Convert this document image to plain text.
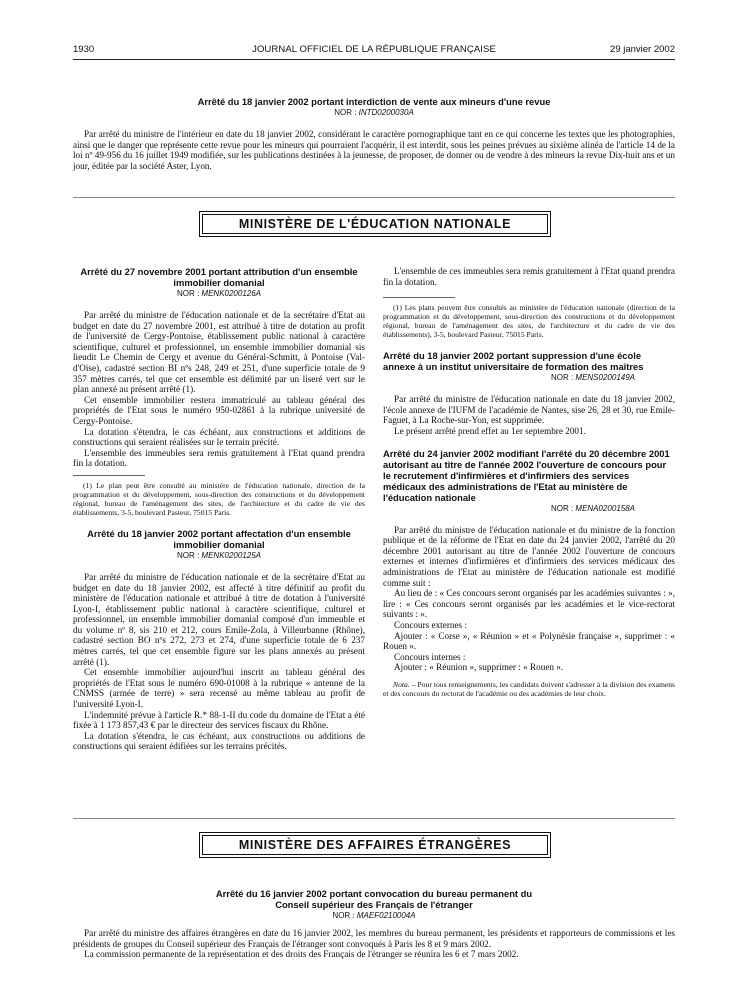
1930	JOURNAL OFFICIEL DE LA RÉPUBLIQUE FRANÇAISE	29 janvier 2002

Arrêté du 18 janvier 2002 portant interdiction de vente aux mineurs d'une revue

NOR : INTD0200030A

Par arrêté du ministre de l'intérieur en date du 18 janvier 2002, considérant le caractère pornographique tant en ce qui concerne les textes que les photographies, ainsi que le danger que représente cette revue pour les mineurs qui pourraient l'acquérir, il est interdit, sous les peines prévues au sixième alinéa de l'article 14 de la loi nº 49-956 du 16 juillet 1949 modifiée, sur les publications destinées à la jeunesse, de proposer, de donner ou de vendre à des mineurs la revue Dix-huit ans et un jour, éditée par la société Aster, Lyon.

MINISTÈRE DE L'ÉDUCATION NATIONALE

Arrêté du 27 novembre 2001 portant attribution d'un ensemble immobilier domanial

NOR : MENK0200126A

Par arrêté du ministre de l'éducation nationale et de la secrétaire d'Etat au budget en date du 27 novembre 2001, est attribué à titre de dotation au profit de l'université de Cergy-Pontoise, établissement public national à caractère scientifique, culturel et professionnel, un ensemble immobilier domanial sis lieudit Le Chemin de Cergy et avenue du Général-Schmitt, à Pontoise (Val-d'Oise), cadastré section BI nºs 248, 249 et 251, d'une superficie totale de 9 357 mètres carrés, tel que cet ensemble est délimité par un liseré vert sur le plan annexé au présent arrêté (1).

Cet ensemble immobilier restera immatriculé au tableau général des propriétés de l'Etat sous le numéro 950-02861 à la rubrique université de Cergy-Pontoise.

La dotation s'étendra, le cas échéant, aux constructions et additions de constructions qui seraient réalisées sur le terrain précité.

L'ensemble des immeubles sera remis gratuitement à l'Etat quand prendra fin la dotation.

(1) Le plan peut être consulté au ministère de l'éducation nationale, direction de la programmation et du développement, sous-direction des constructions et du développement régional, bureau de l'aménagement des sites, de l'architecture et du cadre de vie des établissements, 3-5, boulevard Pasteur, 75015 Paris.

Arrêté du 18 janvier 2002 portant affectation d'un ensemble immobilier domanial

NOR : MENK0200125A

Par arrêté du ministre de l'éducation nationale et de la secrétaire d'Etat au budget en date du 18 janvier 2002, est affecté à titre définitif au profit du ministère de l'éducation nationale et attribué à titre de dotation à l'université Lyon-I, établissement public national à caractère scientifique, culturel et professionnel, un ensemble immobilier domanial composé d'un immeuble et du volume nº 8, sis 210 et 212, cours Emile-Zola, à Villeurbanne (Rhône), cadastré section BO nºs 272, 273 et 274, d'une superficie totale de 6 237 mètres carrés, tel que cet ensemble figure sur les plans annexés au présent arrêté (1).

Cet ensemble immobilier aujourd'hui inscrit au tableau général des propriétés de l'Etat sous le numéro 690-01008 à la rubrique « antenne de la CNMSS (armée de terre) » sera recensé au même tableau au profit de l'université Lyon-I.

L'indemnité prévue à l'article R.* 88-1-II du code du domaine de l'Etat a été fixée à 1 173 857,43 € par le directeur des services fiscaux du Rhône.

La dotation s'étendra, le cas échéant, aux constructions ou additions de constructions qui seraient édifiées sur les terrains précités.

L'ensemble de ces immeubles sera remis gratuitement à l'Etat quand prendra fin la dotation.

(1) Les plans peuvent être consultés au ministère de l'éducation nationale (direction de la programmation et du développement, sous-direction des constructions et du développement régional, bureau de l'aménagement des sites, de l'architecture et du cadre de vie des établissements), 3-5, boulevard Pasteur, 75015 Paris.

Arrêté du 18 janvier 2002 portant suppression d'une école annexe à un institut universitaire de formation des maîtres

NOR : MENS0200149A

Par arrêté du ministre de l'éducation nationale en date du 18 janvier 2002, l'école annexe de l'IUFM de l'académie de Nantes, sise 26, 28 et 30, rue Emile-Faguet, à La Roche-sur-Yon, est supprimée.

Le présent arrêté prend effet au 1er septembre 2001.

Arrêté du 24 janvier 2002 modifiant l'arrêté du 20 décembre 2001 autorisant au titre de l'année 2002 l'ouverture de concours pour le recrutement d'infirmières et d'infirmiers des services médicaux des administrations de l'Etat au ministère de l'éducation nationale

NOR : MENA0200158A

Par arrêté du ministre de l'éducation nationale et du ministre de la fonction publique et de la réforme de l'Etat en date du 24 janvier 2002, l'arrêté du 20 décembre 2001 autorisant au titre de l'année 2002 l'ouverture de concours externes et internes d'infirmières et d'infirmiers des services médicaux des administrations de l'Etat au ministère de l'éducation nationale est modifié comme suit :

Au lieu de : « Ces concours seront organisés par les académies suivantes : », lire : « Ces concours seront organisés par les académies et le vice-rectorat suivants : ».

Concours externes :

Ajouter : « Corse », « Réunion » et « Polynésie française », supprimer : « Rouen ».

Concours internes :

Ajouter : « Réunion », supprimer : « Rouen ».

Nota. – Pour tous renseignements, les candidats doivent s'adresser à la division des examens et des concours du rectorat de l'académie ou des académies de leur choix.

MINISTÈRE DES AFFAIRES ÉTRANGÈRES

Arrêté du 16 janvier 2002 portant convocation du bureau permanent du Conseil supérieur des Français de l'étranger

NOR : MAEF0210004A

Par arrêté du ministre des affaires étrangères en date du 16 janvier 2002, les membres du bureau permanent, les présidents et rapporteurs de commissions et les présidents de groupes du Conseil supérieur des Français de l'étranger sont convoqués à Paris les 8 et 9 mars 2002.

La commission permanente de la représentation et des droits des Français de l'étranger se réunira les 6 et 7 mars 2002.
